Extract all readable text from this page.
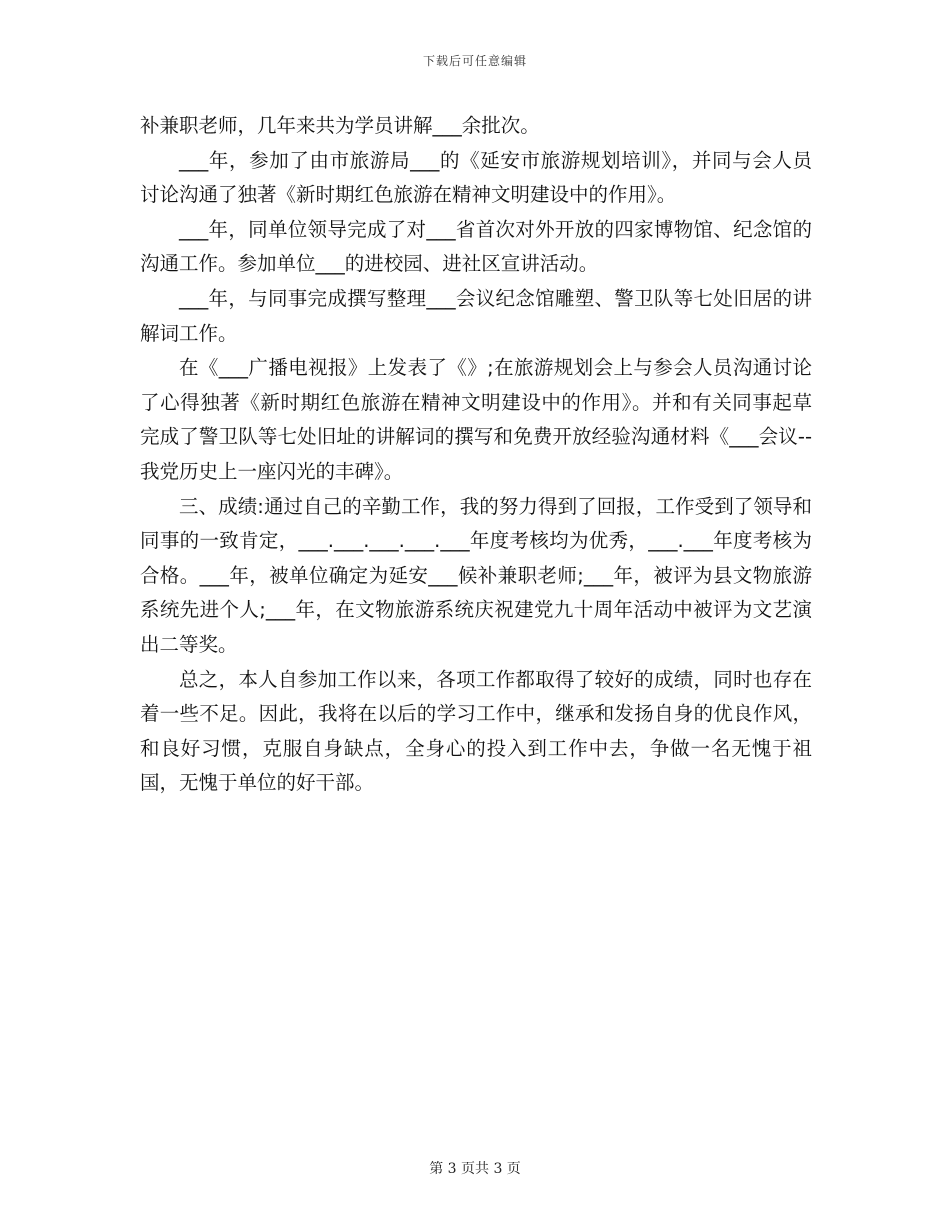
下载后可任意编辑

补兼职老师，几年来共为学员讲解___余批次。

___年，参加了由市旅游局___的《延安市旅游规划培训》，并同与会人员讨论沟通了独著《新时期红色旅游在精神文明建设中的作用》。

___年，同单位领导完成了对___省首次对外开放的四家博物馆、纪念馆的沟通工作。参加单位___的进校园、进社区宣讲活动。

___年，与同事完成撰写整理___会议纪念馆雕塑、警卫队等七处旧居的讲解词工作。

在《___广播电视报》上发表了《》;在旅游规划会上与参会人员沟通讨论了心得独著《新时期红色旅游在精神文明建设中的作用》。并和有关同事起草完成了警卫队等七处旧址的讲解词的撰写和免费开放经验沟通材料《___会议--我党历史上一座闪光的丰碑》。

三、成绩:通过自己的辛勤工作，我的努力得到了回报，工作受到了领导和同事的一致肯定，___.___.___.___.___年度考核均为优秀，___.___年度考核为合格。___年，被单位确定为延安___候补兼职老师;___年，被评为县文物旅游系统先进个人;___年，在文物旅游系统庆祝建党九十周年活动中被评为文艺演出二等奖。

总之，本人自参加工作以来，各项工作都取得了较好的成绩，同时也存在着一些不足。因此，我将在以后的学习工作中，继承和发扬自身的优良作风，和良好习惯，克服自身缺点，全身心的投入到工作中去，争做一名无愧于祖国，无愧于单位的好干部。

第 3 页共 3 页
